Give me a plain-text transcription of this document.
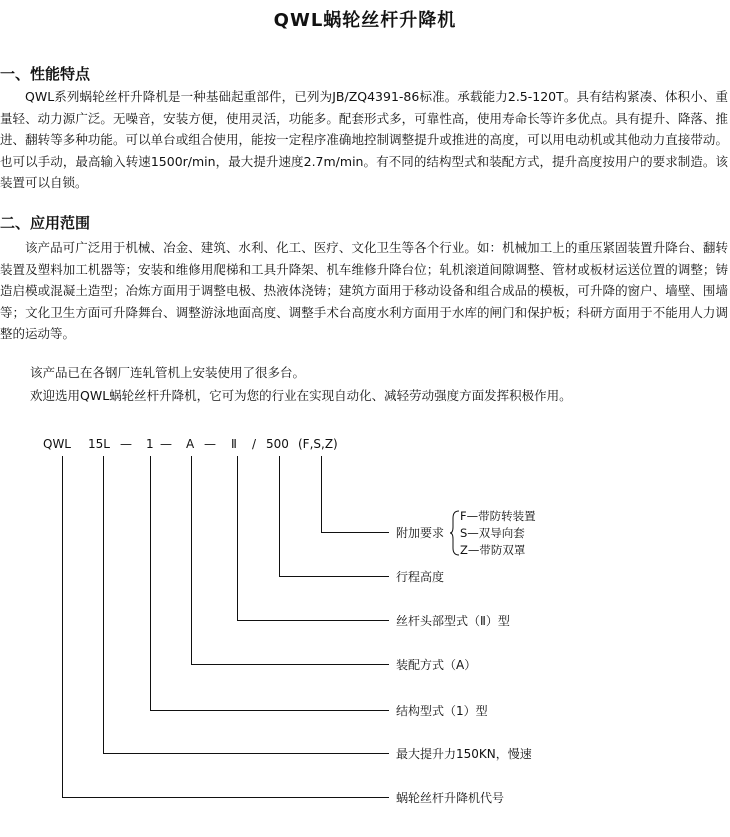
QWL蜗轮丝杆升降机
一、性能特点

QWL系列蜗轮丝杆升降机是一种基础起重部件，已列为JB/ZQ4391-86标准。承载能力2.5-120T。具有结构紧凑、体积小、重量轻、动力源广泛。无噪音，安装方便，使用灵活，功能多。配套形式多，可靠性高，使用寿命长等许多优点。具有提升、降落、推进、翻转等多种功能。可以单台或组合使用，能按一定程序准确地控制调整提升或推进的高度，可以用电动机或其他动力直接带动。也可以手动，最高输入转速1500r/min，最大提升速度2.7m/min。有不同的结构型式和装配方式，提升高度按用户的要求制造。该装置可以自锁。

二、应用范围

该产品可广泛用于机械、冶金、建筑、水利、化工、医疗、文化卫生等各个行业。如：机械加工上的重压紧固装置升降台、翻转装置及塑料加工机器等；安装和维修用爬梯和工具升降架、机车维修升降台位；轧机滚道间隙调整、管材或板材运送位置的调整；铸造启模或混凝土造型；冶炼方面用于调整电极、热液体浇铸；建筑方面用于移动设备和组合成品的模板，可升降的窗户、墙壁、围墙等；文化卫生方面可升降舞台、调整游泳地面高度、调整手术台高度水利方面用于水库的闸门和保护板；科研方面用于不能用人力调整的运动等。

该产品已在各钢厂连轧管机上安装使用了很多台。
欢迎选用QWL蜗轮丝杆升降机，它可为您的行业在实现自动化、减轻劳动强度方面发挥积极作用。
QWL 15L — 1 — A — Ⅱ / 500 (F,S,Z)
附加要求
行程高度
丝杆头部型式（Ⅱ）型
装配方式（A）
结构型式（1）型
最大提升力150KN，慢速
蜗轮丝杆升降机代号
F—带防转装置
S—双导向套
Z—带防双罩
